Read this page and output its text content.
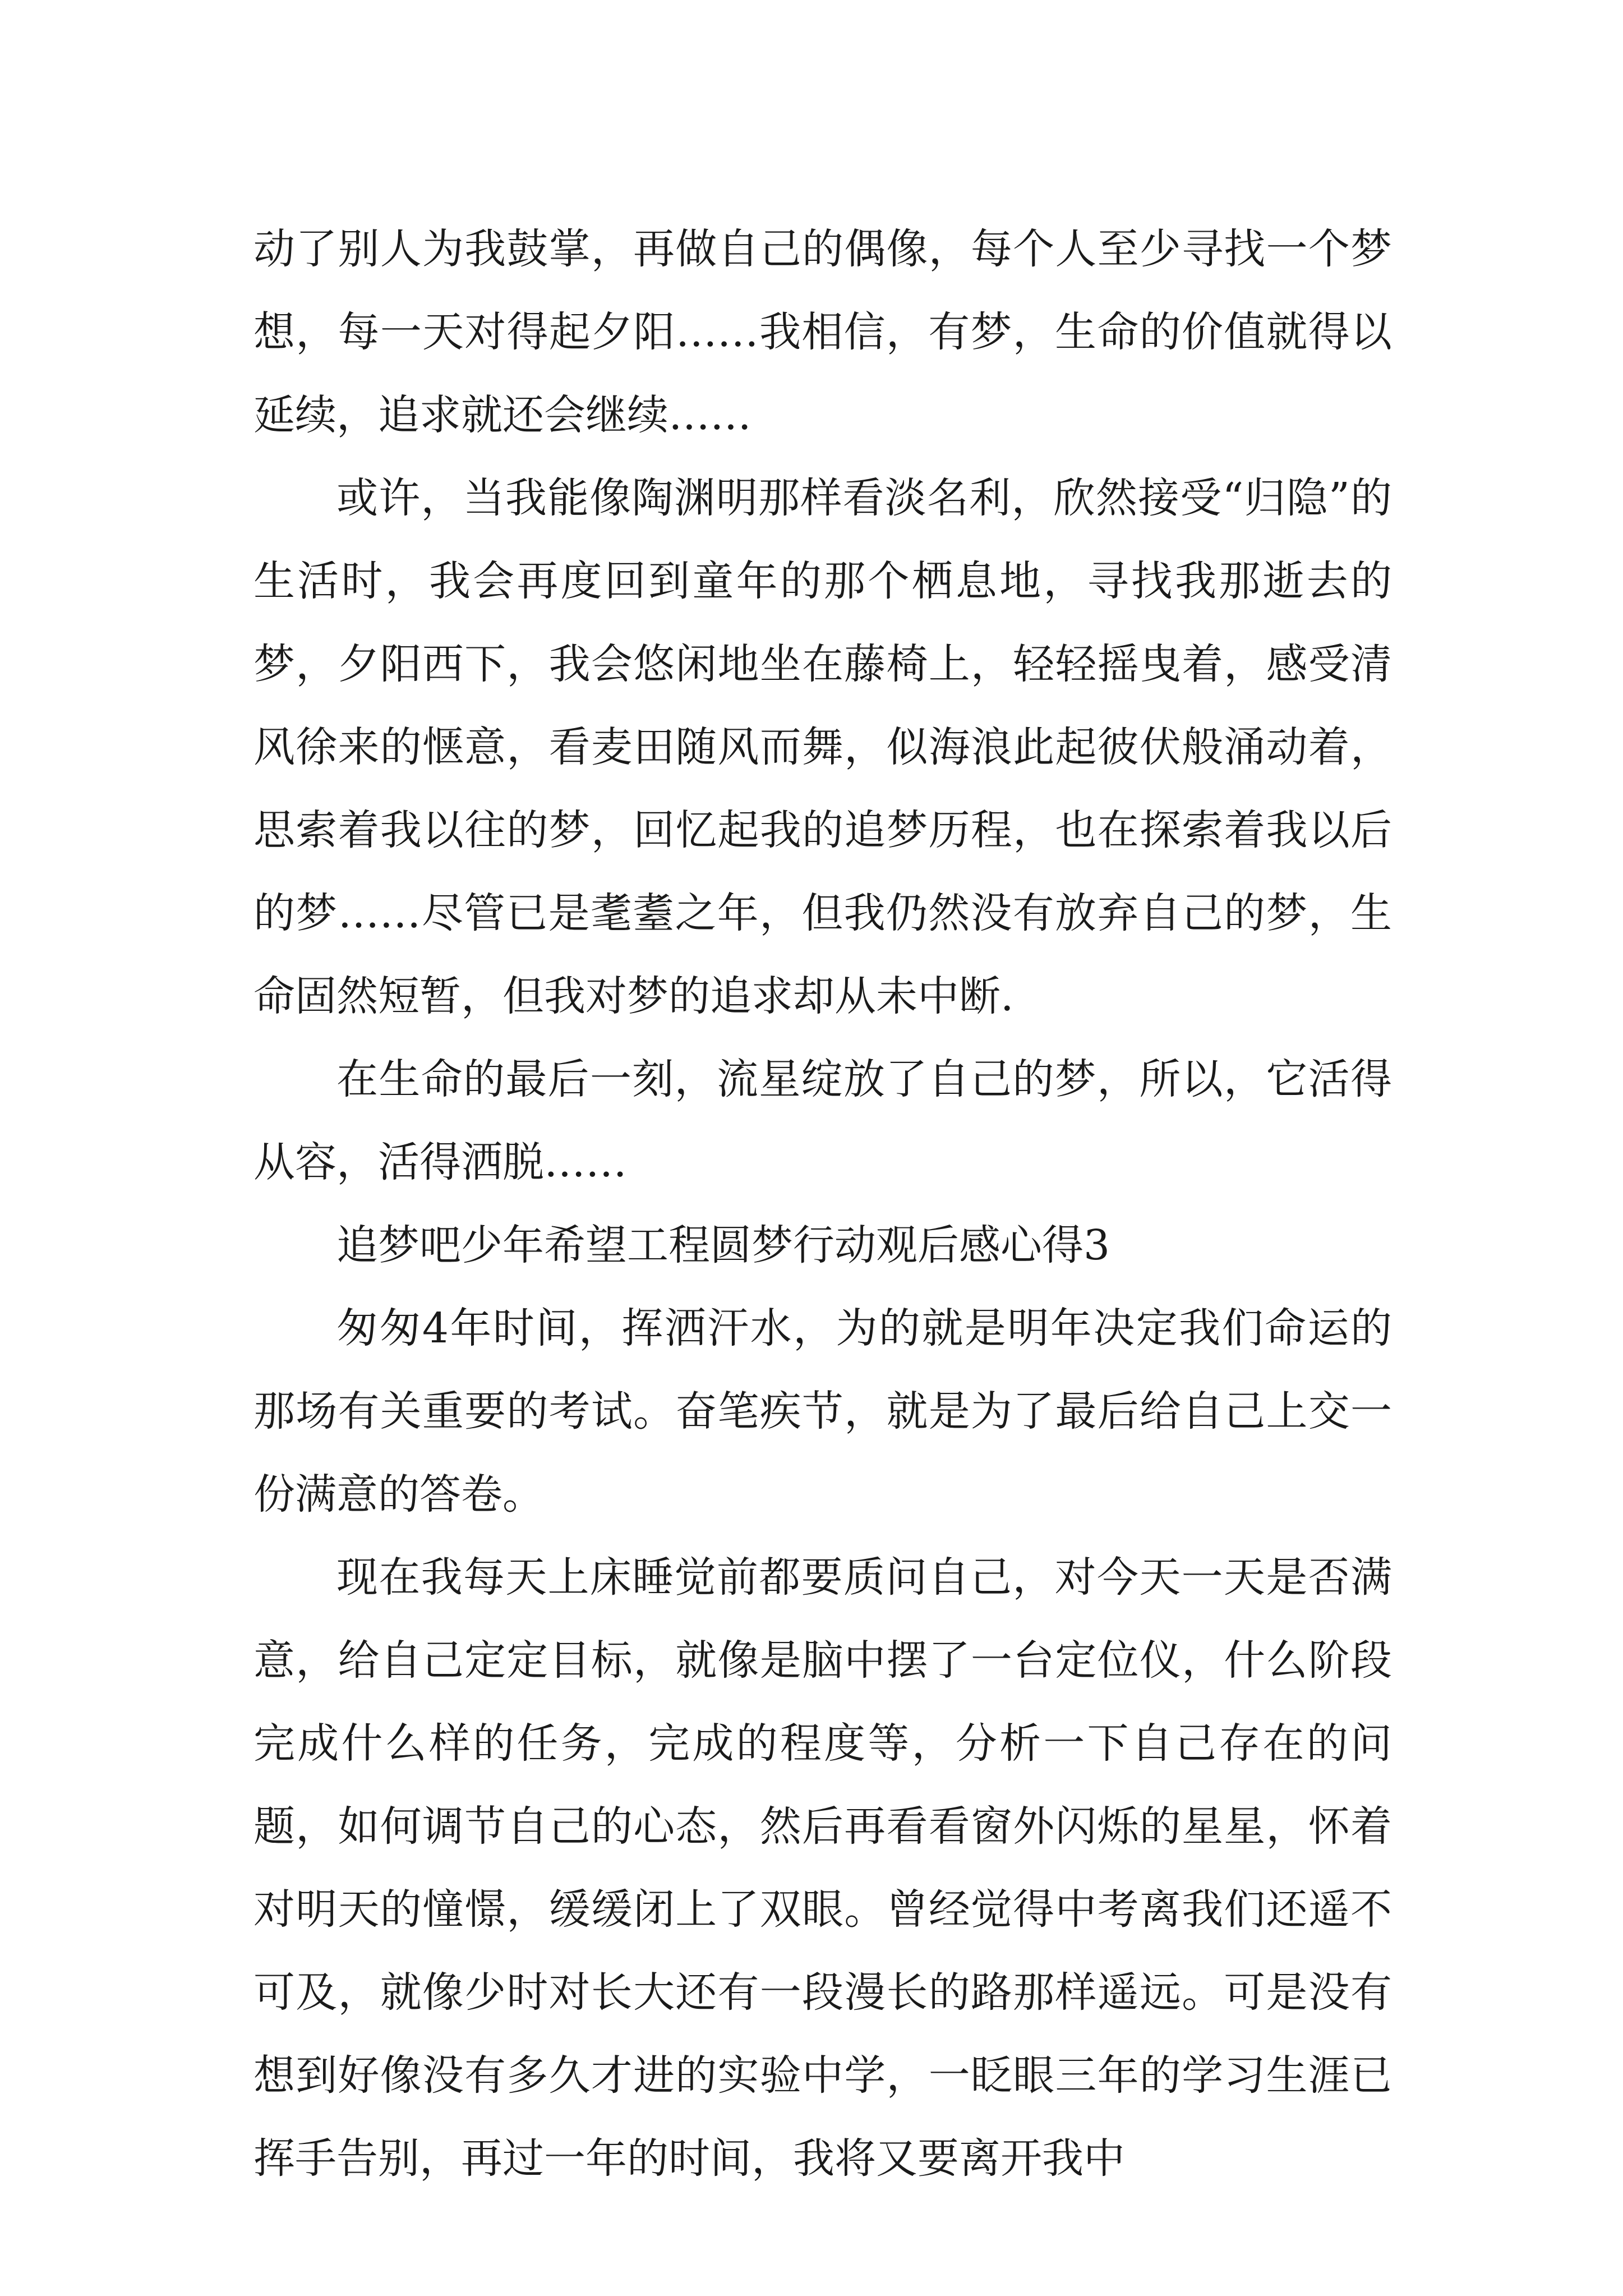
动了别人为我鼓掌，再做自己的偶像，每个人至少寻找一个梦想，每一天对得起夕阳……我相信，有梦，生命的价值就得以延续，追求就还会继续……

或许，当我能像陶渊明那样看淡名利，欣然接受“归隐”的生活时，我会再度回到童年的那个栖息地，寻找我那逝去的梦，夕阳西下，我会悠闲地坐在藤椅上，轻轻摇曳着，感受清风徐来的惬意，看麦田随风而舞，似海浪此起彼伏般涌动着，思索着我以往的梦，回忆起我的追梦历程，也在探索着我以后的梦……尽管已是耄耋之年，但我仍然没有放弃自己的梦，生命固然短暂，但我对梦的追求却从未中断.

在生命的最后一刻，流星绽放了自己的梦，所以，它活得从容，活得洒脱……

追梦吧少年希望工程圆梦行动观后感心得3

匆匆4年时间，挥洒汗水，为的就是明年决定我们命运的那场有关重要的考试。奋笔疾节，就是为了最后给自己上交一份满意的答卷。

现在我每天上床睡觉前都要质问自己，对今天一天是否满意，给自己定定目标，就像是脑中摆了一台定位仪，什么阶段完成什么样的任务，完成的程度等，分析一下自己存在的问题，如何调节自己的心态，然后再看看窗外闪烁的星星，怀着对明天的憧憬，缓缓闭上了双眼。曾经觉得中考离我们还遥不可及，就像少时对长大还有一段漫长的路那样遥远。可是没有想到好像没有多久才进的实验中学，一眨眼三年的学习生涯已挥手告别，再过一年的时间，我将又要离开我中
